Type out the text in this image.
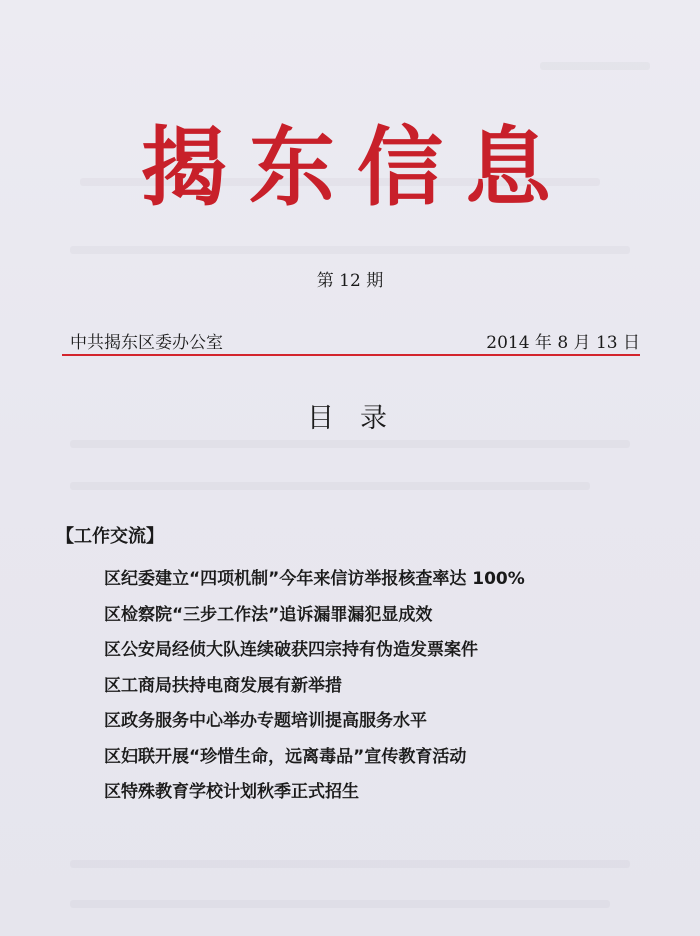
揭东信息
第 12 期
中共揭东区委办公室	2014 年 8 月 13 日
目录
【工作交流】
区纪委建立“四项机制”今年来信访举报核查率达 100%
区检察院“三步工作法”追诉漏罪漏犯显成效
区公安局经侦大队连续破获四宗持有伪造发票案件
区工商局扶持电商发展有新举措
区政务服务中心举办专题培训提高服务水平
区妇联开展“珍惜生命，远离毒品”宣传教育活动
区特殊教育学校计划秋季正式招生
